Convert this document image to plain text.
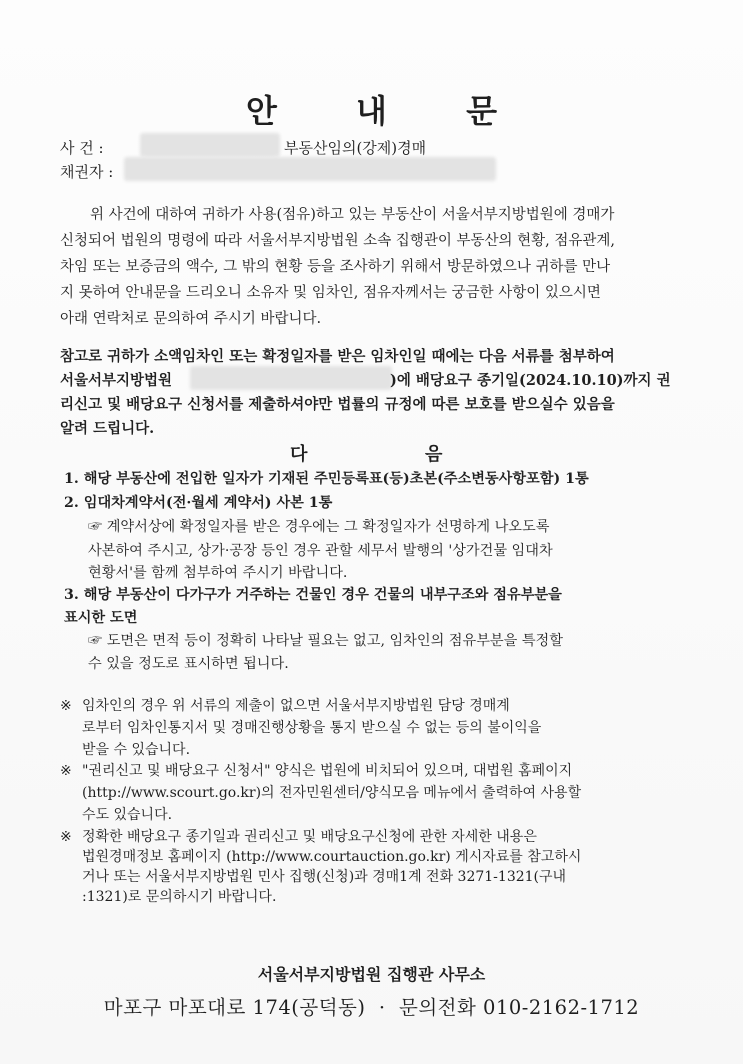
안 내 문
사 건 :	부동산임의(강제)경매
채권자 :
위 사건에 대하여 귀하가 사용(점유)하고 있는 부동산이 서울서부지방법원에 경매가
신청되어 법원의 명령에 따라 서울서부지방법원 소속 집행관이 부동산의 현황, 점유관계,
차임 또는 보증금의 액수, 그 밖의 현황 등을 조사하기 위해서 방문하였으나 귀하를 만나
지 못하여 안내문을 드리오니 소유자 및 임차인, 점유자께서는 궁금한 사항이 있으시면
아래 연락처로 문의하여 주시기 바랍니다.
참고로 귀하가 소액임차인 또는 확정일자를 받은 임차인일 때에는 다음 서류를 첨부하여
서울서부지방법원	)에 배당요구 종기일(2024.10.10)까지 권
리신고 및 배당요구 신청서를 제출하셔야만 법률의 규정에 따른 보호를 받으실수 있음을
알려 드립니다.
다	음
1. 해당 부동산에 전입한 일자가 기재된 주민등록표(등)초본(주소변동사항포함) 1통
2. 임대차계약서(전·월세 계약서) 사본 1통
☞ 계약서상에 확정일자를 받은 경우에는 그 확정일자가 선명하게 나오도록
사본하여 주시고, 상가·공장 등인 경우 관할 세무서 발행의 '상가건물 임대차
현황서'를 함께 첨부하여 주시기 바랍니다.
3. 해당 부동산이 다가구가 거주하는 건물인 경우 건물의 내부구조와 점유부분을
표시한 도면
☞ 도면은 면적 등이 정확히 나타날 필요는 없고, 임차인의 점유부분을 특정할
수 있을 정도로 표시하면 됩니다.
※ 임차인의 경우 위 서류의 제출이 없으면 서울서부지방법원 담당 경매계
로부터 임차인통지서 및 경매진행상황을 통지 받으실 수 없는 등의 불이익을
받을 수 있습니다.
※ "권리신고 및 배당요구 신청서" 양식은 법원에 비치되어 있으며, 대법원 홈페이지
(http://www.scourt.go.kr)의 전자민원센터/양식모음 메뉴에서 출력하여 사용할
수도 있습니다.
※ 정확한 배당요구 종기일과 권리신고 및 배당요구신청에 관한 자세한 내용은
법원경매정보 홈페이지 (http://www.courtauction.go.kr) 게시자료를 참고하시
거나 또는 서울서부지방법원 민사 집행(신청)과 경매1계 전화 3271-1321(구내
:1321)로 문의하시기 바랍니다.
서울서부지방법원 집행관 사무소
마포구 마포대로 174(공덕동)  ·  문의전화 010-2162-1712
